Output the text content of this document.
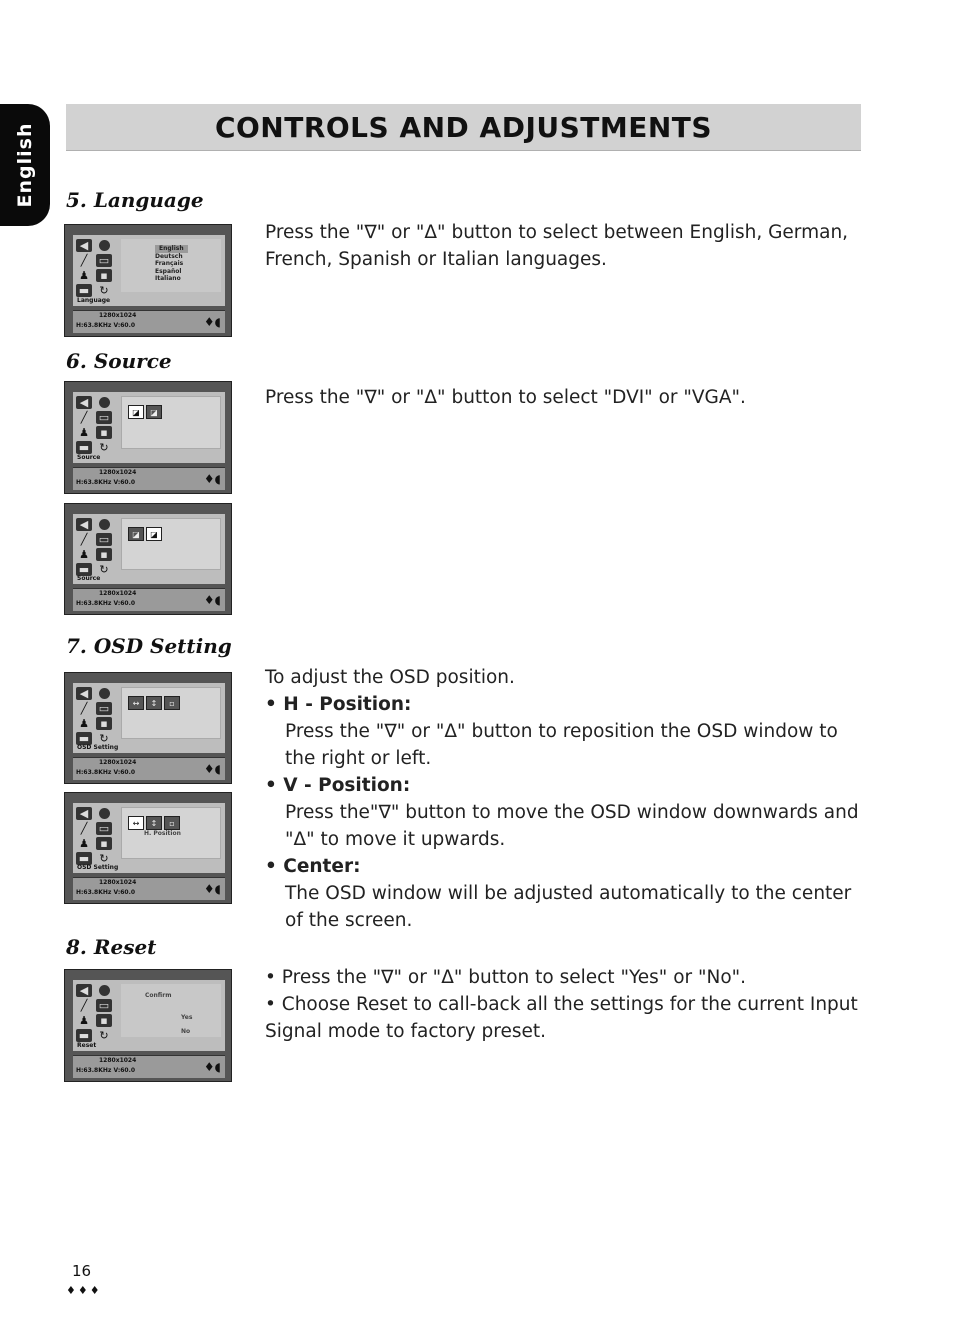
English	CONTROLS AND ADJUSTMENTS
5. Language

Press the "∇" or "Δ" button to select between English, German, French, Spanish or Italian languages.

◀
╱	▭
♟	▪
▬ ↻
English
Deutsch
Français
Español
Italiano
Language
1280x1024
H:63.8KHz V:60.0	♦◖
6. Source

Press the "∇" or "Δ" button to select "DVI" or "VGA".

◀
╱	▭
♟	▪
▬ ↻
◪	◪
Source
1280x1024
H:63.8KHz V:60.0	♦◖
◀
╱	▭
♟	▪
▬ ↻
◪	◪
Source
1280x1024
H:63.8KHz V:60.0	♦◖
7. OSD Setting
To adjust the OSD position.
• H - Position:
Press the "∇" or "Δ" button to reposition the OSD window to the right or left.
• V - Position:
Press the"∇" button to move the OSD window downwards and "Δ" to move it upwards.
• Center:
The OSD window will be adjusted automatically to the center of the screen.
◀
╱	▭
♟	▪
▬ ↻
↔	↕	▫
OSD Setting
1280x1024
H:63.8KHz V:60.0	♦◖
◀
╱	▭
♟	▪
▬ ↻
↔	↕	▫
H. Position
OSD Setting
1280x1024
H:63.8KHz V:60.0	♦◖
8. Reset
• Press the "∇" or "Δ" button to select "Yes" or "No".
• Choose Reset to call-back all the settings for the current Input Signal mode to factory preset.
◀
╱	▭
♟	▪
▬ ↻
Confirm
Yes
No
Reset
1280x1024
H:63.8KHz V:60.0	♦◖
16
♦♦♦
